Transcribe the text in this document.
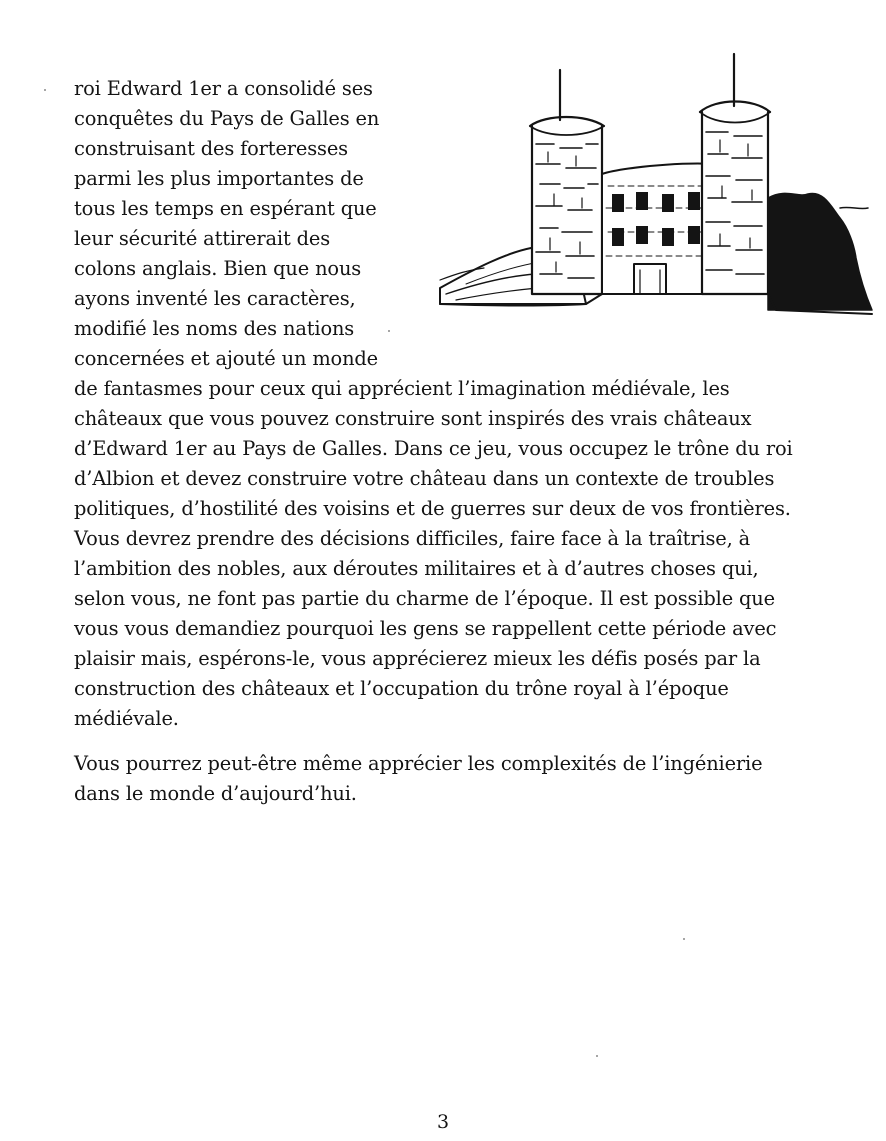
roi Edward 1er a consolidé ses
conquêtes du Pays de Galles en
construisant des forteresses
parmi les plus importantes de
tous les temps en espérant que
leur sécurité attirerait des
colons anglais. Bien que nous
ayons inventé les caractères,
modifié les noms des nations
concernées et ajouté un monde
de fantasmes pour ceux qui apprécient l’imagination médiévale, les
châteaux que vous pouvez construire sont inspirés des vrais châteaux
d’Edward 1er au Pays de Galles. Dans ce jeu, vous occupez le trône du roi
d’Albion et devez construire votre château dans un contexte de troubles
politiques, d’hostilité des voisins et de guerres sur deux de vos frontières.
Vous devrez prendre des décisions difficiles, faire face à la traîtrise, à
l’ambition des nobles, aux déroutes militaires et à d’autres choses qui,
selon vous, ne font pas partie du charme de l’époque. Il est possible que
vous vous demandiez pourquoi les gens se rappellent cette période avec
plaisir mais, espérons-le, vous apprécierez mieux les défis posés par la
construction des châteaux et l’occupation du trône royal à l’époque
médiévale.
Vous pourrez peut-être même apprécier les complexités de l’ingénierie
dans le monde d’aujourd’hui.
3
